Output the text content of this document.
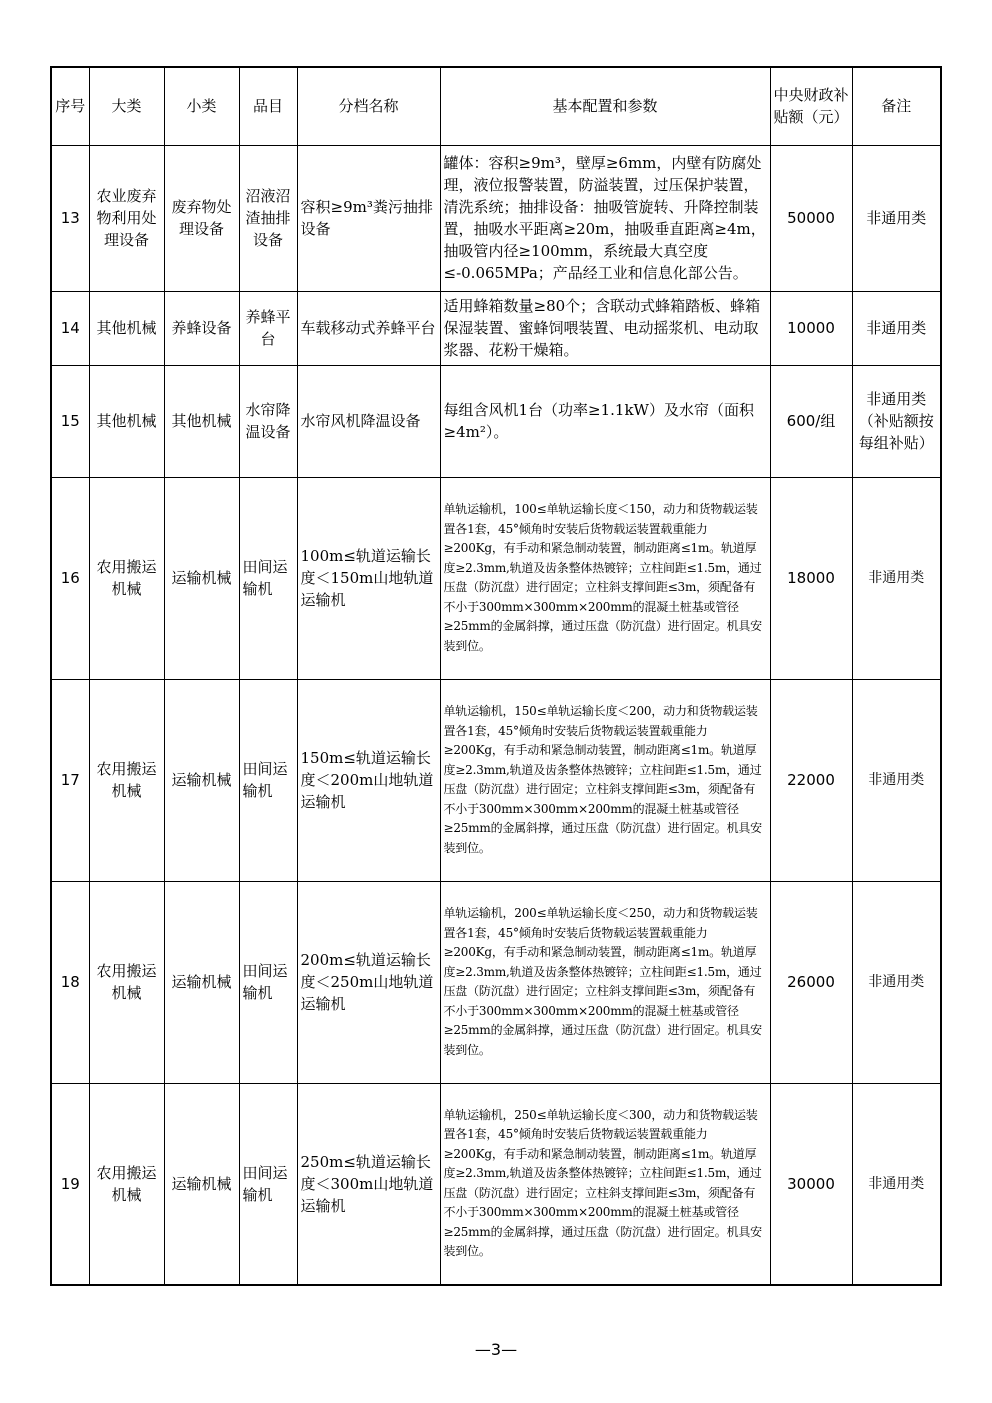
序号	大类	小类	品目	分档名称	基本配置和参数	中央财政补贴额（元）	备注
13	农业废弃物利用处理设备	废弃物处理设备	沼液沼渣抽排设备	容积≥9m³粪污抽排设备	罐体：容积≥9m³，壁厚≥6mm，内壁有防腐处理，液位报警装置，防溢装置，过压保护装置，清洗系统；抽排设备：抽吸管旋转、升降控制装置，抽吸水平距离≥20m，抽吸垂直距离≥4m，抽吸管内径≥100mm，系统最大真空度≤-0.065MPa；产品经工业和信息化部公告。	50000	非通用类
14	其他机械	养蜂设备	养蜂平台	车载移动式养蜂平台	适用蜂箱数量≥80个；含联动式蜂箱踏板、蜂箱保湿装置、蜜蜂饲喂装置、电动摇浆机、电动取浆器、花粉干燥箱。	10000	非通用类
15	其他机械	其他机械	水帘降温设备	水帘风机降温设备	每组含风机1台（功率≥1.1kW）及水帘（面积≥4m²）。	600/组	非通用类（补贴额按每组补贴）
16	农用搬运机械	运输机械	田间运输机	100m≤轨道运输长度＜150m山地轨道运输机	单轨运输机，100≤单轨运输长度＜150，动力和货物载运装置各1套，45°倾角时安装后货物载运装置载重能力≥200Kg，有手动和紧急制动装置，制动距离≤1m。轨道厚度≥2.3mm,轨道及齿条整体热镀锌；立柱间距≤1.5m，通过压盘（防沉盘）进行固定；立柱斜支撑间距≤3m，须配备有不小于300mm×300mm×200mm的混凝土桩基或管径≥25mm的金属斜撑，通过压盘（防沉盘）进行固定。机具安装到位。	18000	非通用类
17	农用搬运机械	运输机械	田间运输机	150m≤轨道运输长度＜200m山地轨道运输机	单轨运输机，150≤单轨运输长度＜200，动力和货物载运装置各1套，45°倾角时安装后货物载运装置载重能力≥200Kg，有手动和紧急制动装置，制动距离≤1m。轨道厚度≥2.3mm,轨道及齿条整体热镀锌；立柱间距≤1.5m，通过压盘（防沉盘）进行固定；立柱斜支撑间距≤3m，须配备有不小于300mm×300mm×200mm的混凝土桩基或管径≥25mm的金属斜撑，通过压盘（防沉盘）进行固定。机具安装到位。	22000	非通用类
18	农用搬运机械	运输机械	田间运输机	200m≤轨道运输长度＜250m山地轨道运输机	单轨运输机，200≤单轨运输长度＜250，动力和货物载运装置各1套，45°倾角时安装后货物载运装置载重能力≥200Kg，有手动和紧急制动装置，制动距离≤1m。轨道厚度≥2.3mm,轨道及齿条整体热镀锌；立柱间距≤1.5m，通过压盘（防沉盘）进行固定；立柱斜支撑间距≤3m，须配备有不小于300mm×300mm×200mm的混凝土桩基或管径≥25mm的金属斜撑，通过压盘（防沉盘）进行固定。机具安装到位。	26000	非通用类
19	农用搬运机械	运输机械	田间运输机	250m≤轨道运输长度＜300m山地轨道运输机	单轨运输机，250≤单轨运输长度＜300，动力和货物载运装置各1套，45°倾角时安装后货物载运装置载重能力≥200Kg，有手动和紧急制动装置，制动距离≤1m。轨道厚度≥2.3mm,轨道及齿条整体热镀锌；立柱间距≤1.5m，通过压盘（防沉盘）进行固定；立柱斜支撑间距≤3m，须配备有不小于300mm×300mm×200mm的混凝土桩基或管径≥25mm的金属斜撑，通过压盘（防沉盘）进行固定。机具安装到位。	30000	非通用类
—3—
